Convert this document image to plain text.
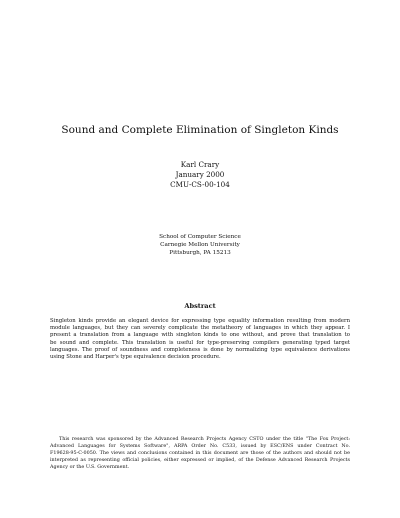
Sound and Complete Elimination of Singleton Kinds
Karl Crary
January 2000
CMU-CS-00-104
School of Computer Science
Carnegie Mellon University
Pittsburgh, PA 15213
Abstract
Singleton kinds provide an elegant device for expressing type equality information resulting from modern
module languages, but they can severely complicate the metatheory of languages in which they appear. I
present a translation from a language with singleton kinds to one without, and prove that translation to
be sound and complete. This translation is useful for type-preserving compilers generating typed target
languages. The proof of soundness and completeness is done by normalizing type equivalence derivations
using Stone and Harper's type equivalence decision procedure.
This research was sponsored by the Advanced Research Projects Agency CSTO under the title "The Fox Project:
Advanced Languages for Systems Software", ARPA Order No. C533, issued by ESC/ENS under Contract No.
F19628-95-C-0050. The views and conclusions contained in this document are those of the authors and should not be
interpreted as representing official policies, either expressed or implied, of the Defense Advanced Research Projects
Agency or the U.S. Government.
